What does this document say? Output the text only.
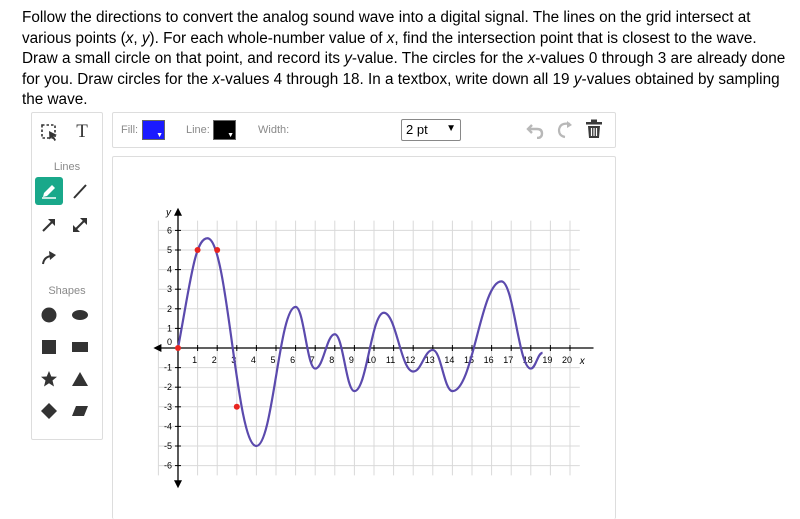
Follow the directions to convert the analog sound wave into a digital signal. The lines on the grid intersect at various points (x, y). For each whole-number value of x, find the intersection point that is closest to the wave. Draw a small circle on that point, and record its y-value. The circles for the x-values 0 through 3 are already done for you. Draw circles for the x-values 4 through 18. In a textbox, write down all 19 y-values obtained by sampling the wave.
T
Lines
Shapes
Fill:	▼ Line: ▼ Width:	2 pt ▼
x
y
0
1 2 3 4 5 6 7 8 9 10 11 12 13 14 15 16 17 18 19 20
1
2
3
4
5
6
-1
-2
-3
-4
-5
-6
